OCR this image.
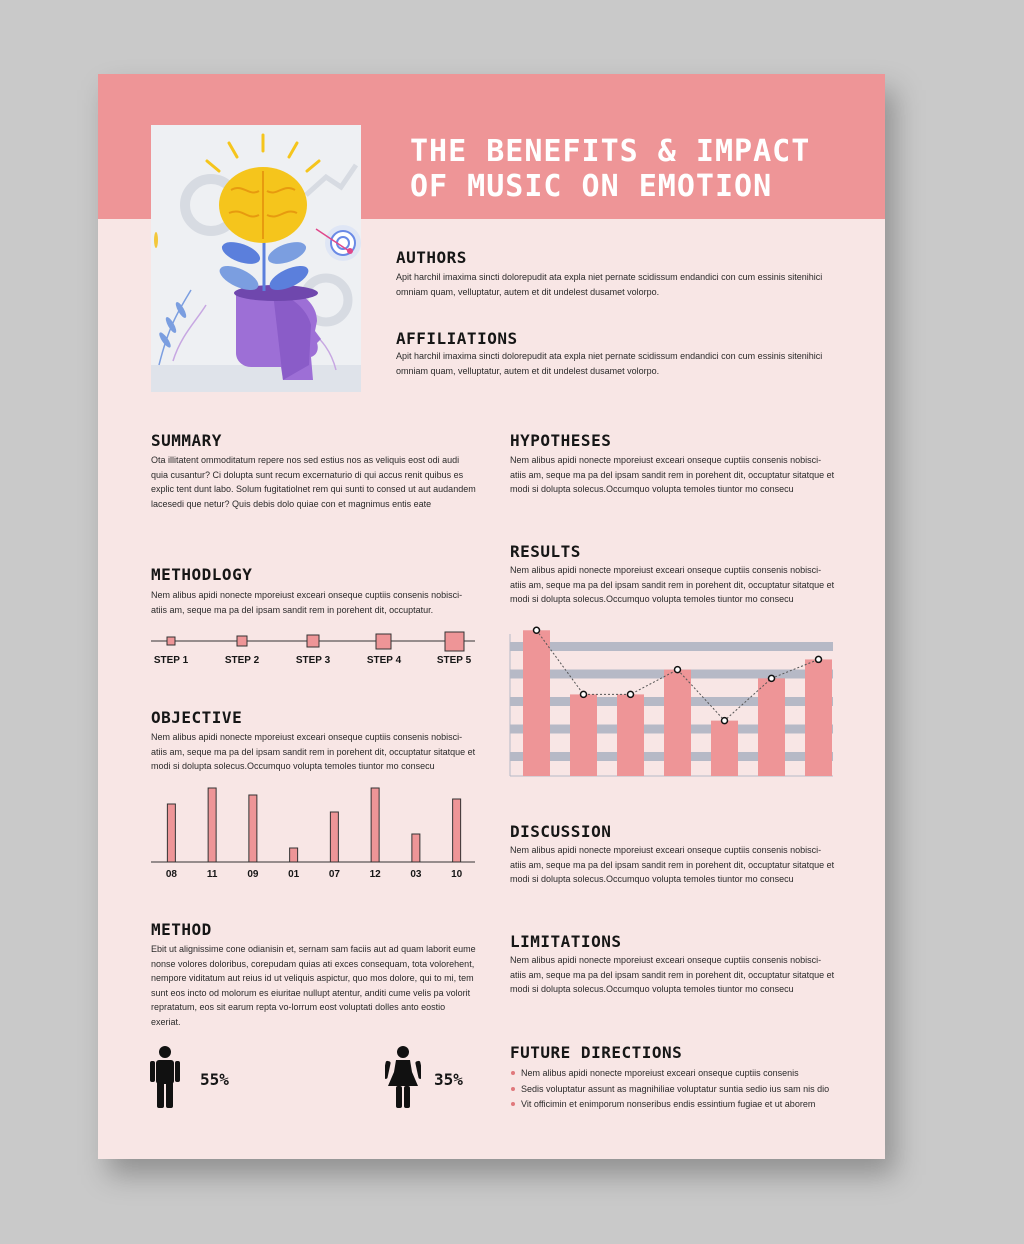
THE BENEFITS & IMPACT
OF MUSIC ON EMOTION
AUTHORS

Apit harchil imaxima sincti dolorepudit ata expla niet pernate scidissum endandici con cum essinis sitenihici omniam quam, velluptatur, autem et dit undelest dusamet volorpo.

AFFILIATIONS

Apit harchil imaxima sincti dolorepudit ata expla niet pernate scidissum endandici con cum essinis sitenihici omniam quam, velluptatur, autem et dit undelest dusamet volorpo.

SUMMARY

Ota illitatent ommoditatum repere nos sed estius nos as veliquis eost odi audi quia cusantur? Ci dolupta sunt recum excernaturio di qui accus renit quibus es explic tent dunt labo. Solum fugitatiolnet rem qui sunti to consed ut aut audandem lacesedi que netur? Quis debis dolo quiae con et magnimus entis eate

METHODLOGY

Nem alibus apidi nonecte mporeiust exceari onseque cuptiis consenis nobisci-atiis am, seque ma pa del ipsam sandit rem in porehent dit, occuptatur.

STEP 1	STEP 2	STEP 3	STEP 4	STEP 5
OBJECTIVE

Nem alibus apidi nonecte mporeiust exceari onseque cuptiis consenis nobisci-atiis am, seque ma pa del ipsam sandit rem in porehent dit, occuptatur sitatque et modi si dolupta solecus.Occumquo volupta temoles tiuntor mo consecu

08	11	09	01	07	12	03	10
METHOD

Ebit ut alignissime cone odianisin et, sernam sam faciis aut ad quam laborit eume nonse volores doloribus, corepudam quias ati exces consequam, tota volorehent, nempore viditatum aut reius id ut veliquis aspictur, quo mos dolore, qui to mi, tem sunt eos incto od molorum es eiuritae nullupt atentur, anditi cume velis pa volorit repratatum, eos sit earum repta vo-lorrum eost voluptati dolles anto eostio exeriat.

55%	35%
HYPOTHESES

Nem alibus apidi nonecte mporeiust exceari onseque cuptiis consenis nobisci-atiis am, seque ma pa del ipsam sandit rem in porehent dit, occuptatur sitatque et modi si dolupta solecus.Occumquo volupta temoles tiuntor mo consecu

RESULTS

Nem alibus apidi nonecte mporeiust exceari onseque cuptiis consenis nobisci-atiis am, seque ma pa del ipsam sandit rem in porehent dit, occuptatur sitatque et modi si dolupta solecus.Occumquo volupta temoles tiuntor mo consecu

DISCUSSION

Nem alibus apidi nonecte mporeiust exceari onseque cuptiis consenis nobisci-atiis am, seque ma pa del ipsam sandit rem in porehent dit, occuptatur sitatque et modi si dolupta solecus.Occumquo volupta temoles tiuntor mo consecu

LIMITATIONS

Nem alibus apidi nonecte mporeiust exceari onseque cuptiis consenis nobisci-atiis am, seque ma pa del ipsam sandit rem in porehent dit, occuptatur sitatque et modi si dolupta solecus.Occumquo volupta temoles tiuntor mo consecu

FUTURE DIRECTIONS
Nem alibus apidi nonecte mporeiust exceari onseque cuptiis consenis
Sedis voluptatur assunt as magnihiliae voluptatur suntia sedio ius sam nis dio
Vit officimin et enimporum nonseribus endis essintium fugiae et ut aborem
